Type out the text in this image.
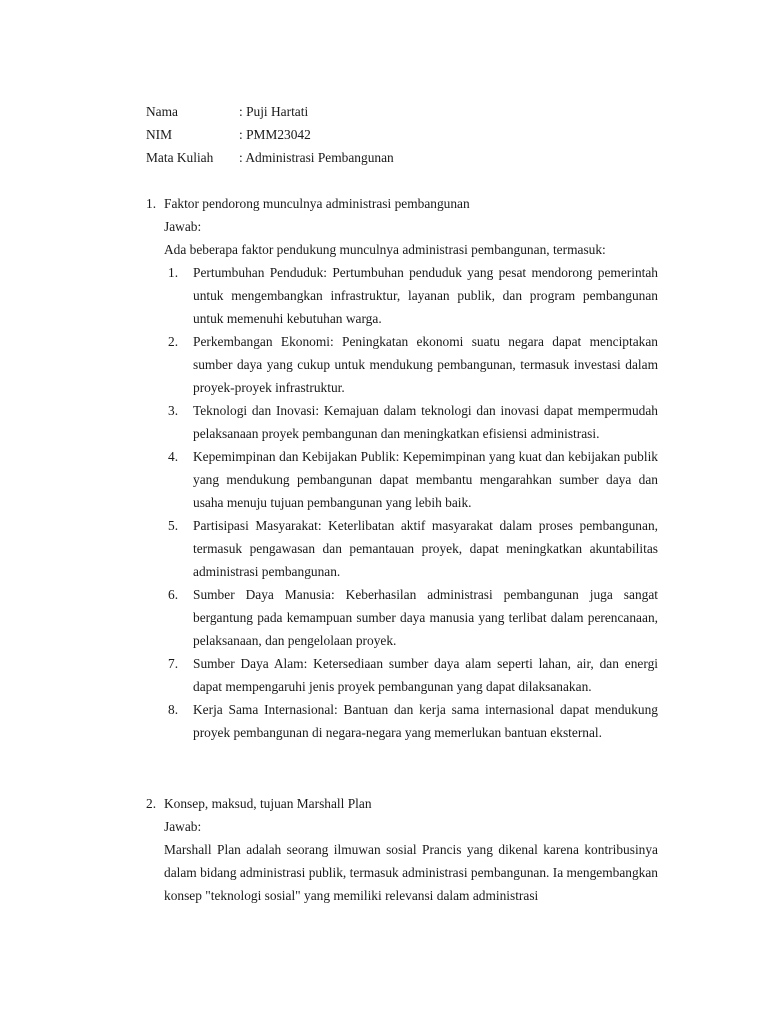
Nama	: Puji Hartati
NIM	: PMM23042
Mata Kuliah	: Administrasi Pembangunan
1. Faktor pendorong munculnya administrasi pembangunan

Jawab:

Ada beberapa faktor pendukung munculnya administrasi pembangunan, termasuk:

1.	Pertumbuhan Penduduk: Pertumbuhan penduduk yang pesat mendorong pemerintah untuk mengembangkan infrastruktur, layanan publik, dan program pembangunan untuk memenuhi kebutuhan warga.
2.	Perkembangan Ekonomi: Peningkatan ekonomi suatu negara dapat menciptakan sumber daya yang cukup untuk mendukung pembangunan, termasuk investasi dalam proyek-proyek infrastruktur.
3.	Teknologi dan Inovasi: Kemajuan dalam teknologi dan inovasi dapat mempermudah pelaksanaan proyek pembangunan dan meningkatkan efisiensi administrasi.
4.	Kepemimpinan dan Kebijakan Publik: Kepemimpinan yang kuat dan kebijakan publik yang mendukung pembangunan dapat membantu mengarahkan sumber daya dan usaha menuju tujuan pembangunan yang lebih baik.
5.	Partisipasi Masyarakat: Keterlibatan aktif masyarakat dalam proses pembangunan, termasuk pengawasan dan pemantauan proyek, dapat meningkatkan akuntabilitas administrasi pembangunan.
6.	Sumber Daya Manusia: Keberhasilan administrasi pembangunan juga sangat bergantung pada kemampuan sumber daya manusia yang terlibat dalam perencanaan, pelaksanaan, dan pengelolaan proyek.
7.	Sumber Daya Alam: Ketersediaan sumber daya alam seperti lahan, air, dan energi dapat mempengaruhi jenis proyek pembangunan yang dapat dilaksanakan.
8.	Kerja Sama Internasional: Bantuan dan kerja sama internasional dapat mendukung proyek pembangunan di negara-negara yang memerlukan bantuan eksternal.
2. Konsep, maksud, tujuan Marshall Plan

Jawab:

Marshall Plan adalah seorang ilmuwan sosial Prancis yang dikenal karena kontribusinya dalam bidang administrasi publik, termasuk administrasi pembangunan. Ia mengembangkan konsep "teknologi sosial" yang memiliki relevansi dalam administrasi
